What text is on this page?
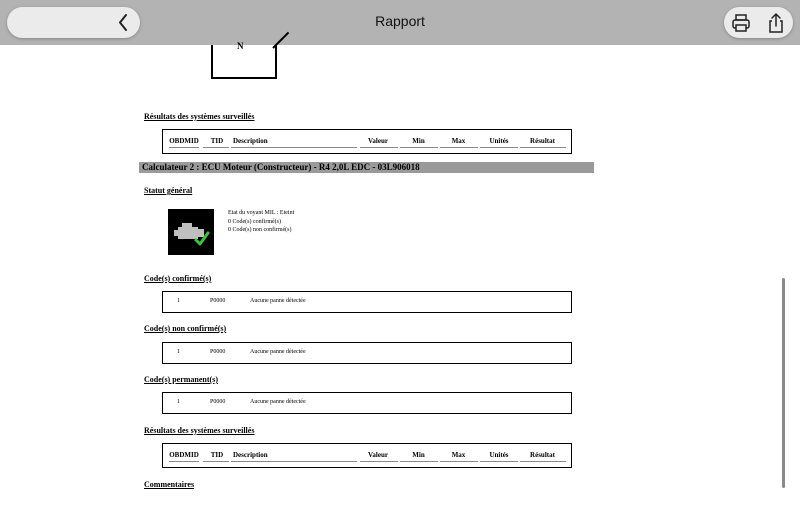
Rapport
N
Résultats des systèmes surveillés
OBDMID	TID	Description	Valeur	Min	Max	Unités	Résultat
Calculateur 2 : ECU Moteur (Constructeur) - R4 2,0L EDC - 03L906018
Statut général
Etat du voyant MIL : Eteint
0 Code(s) confirmé(s)
0 Code(s) non confirmé(s)
Code(s) confirmé(s)
1	P0000	Aucune panne détectée
Code(s) non confirmé(s)
1	P0000	Aucune panne détectée
Code(s) permanent(s)
1	P0000	Aucune panne détectée
Résultats des systèmes surveillés
OBDMID	TID	Description	Valeur	Min	Max	Unités	Résultat
Commentaires
